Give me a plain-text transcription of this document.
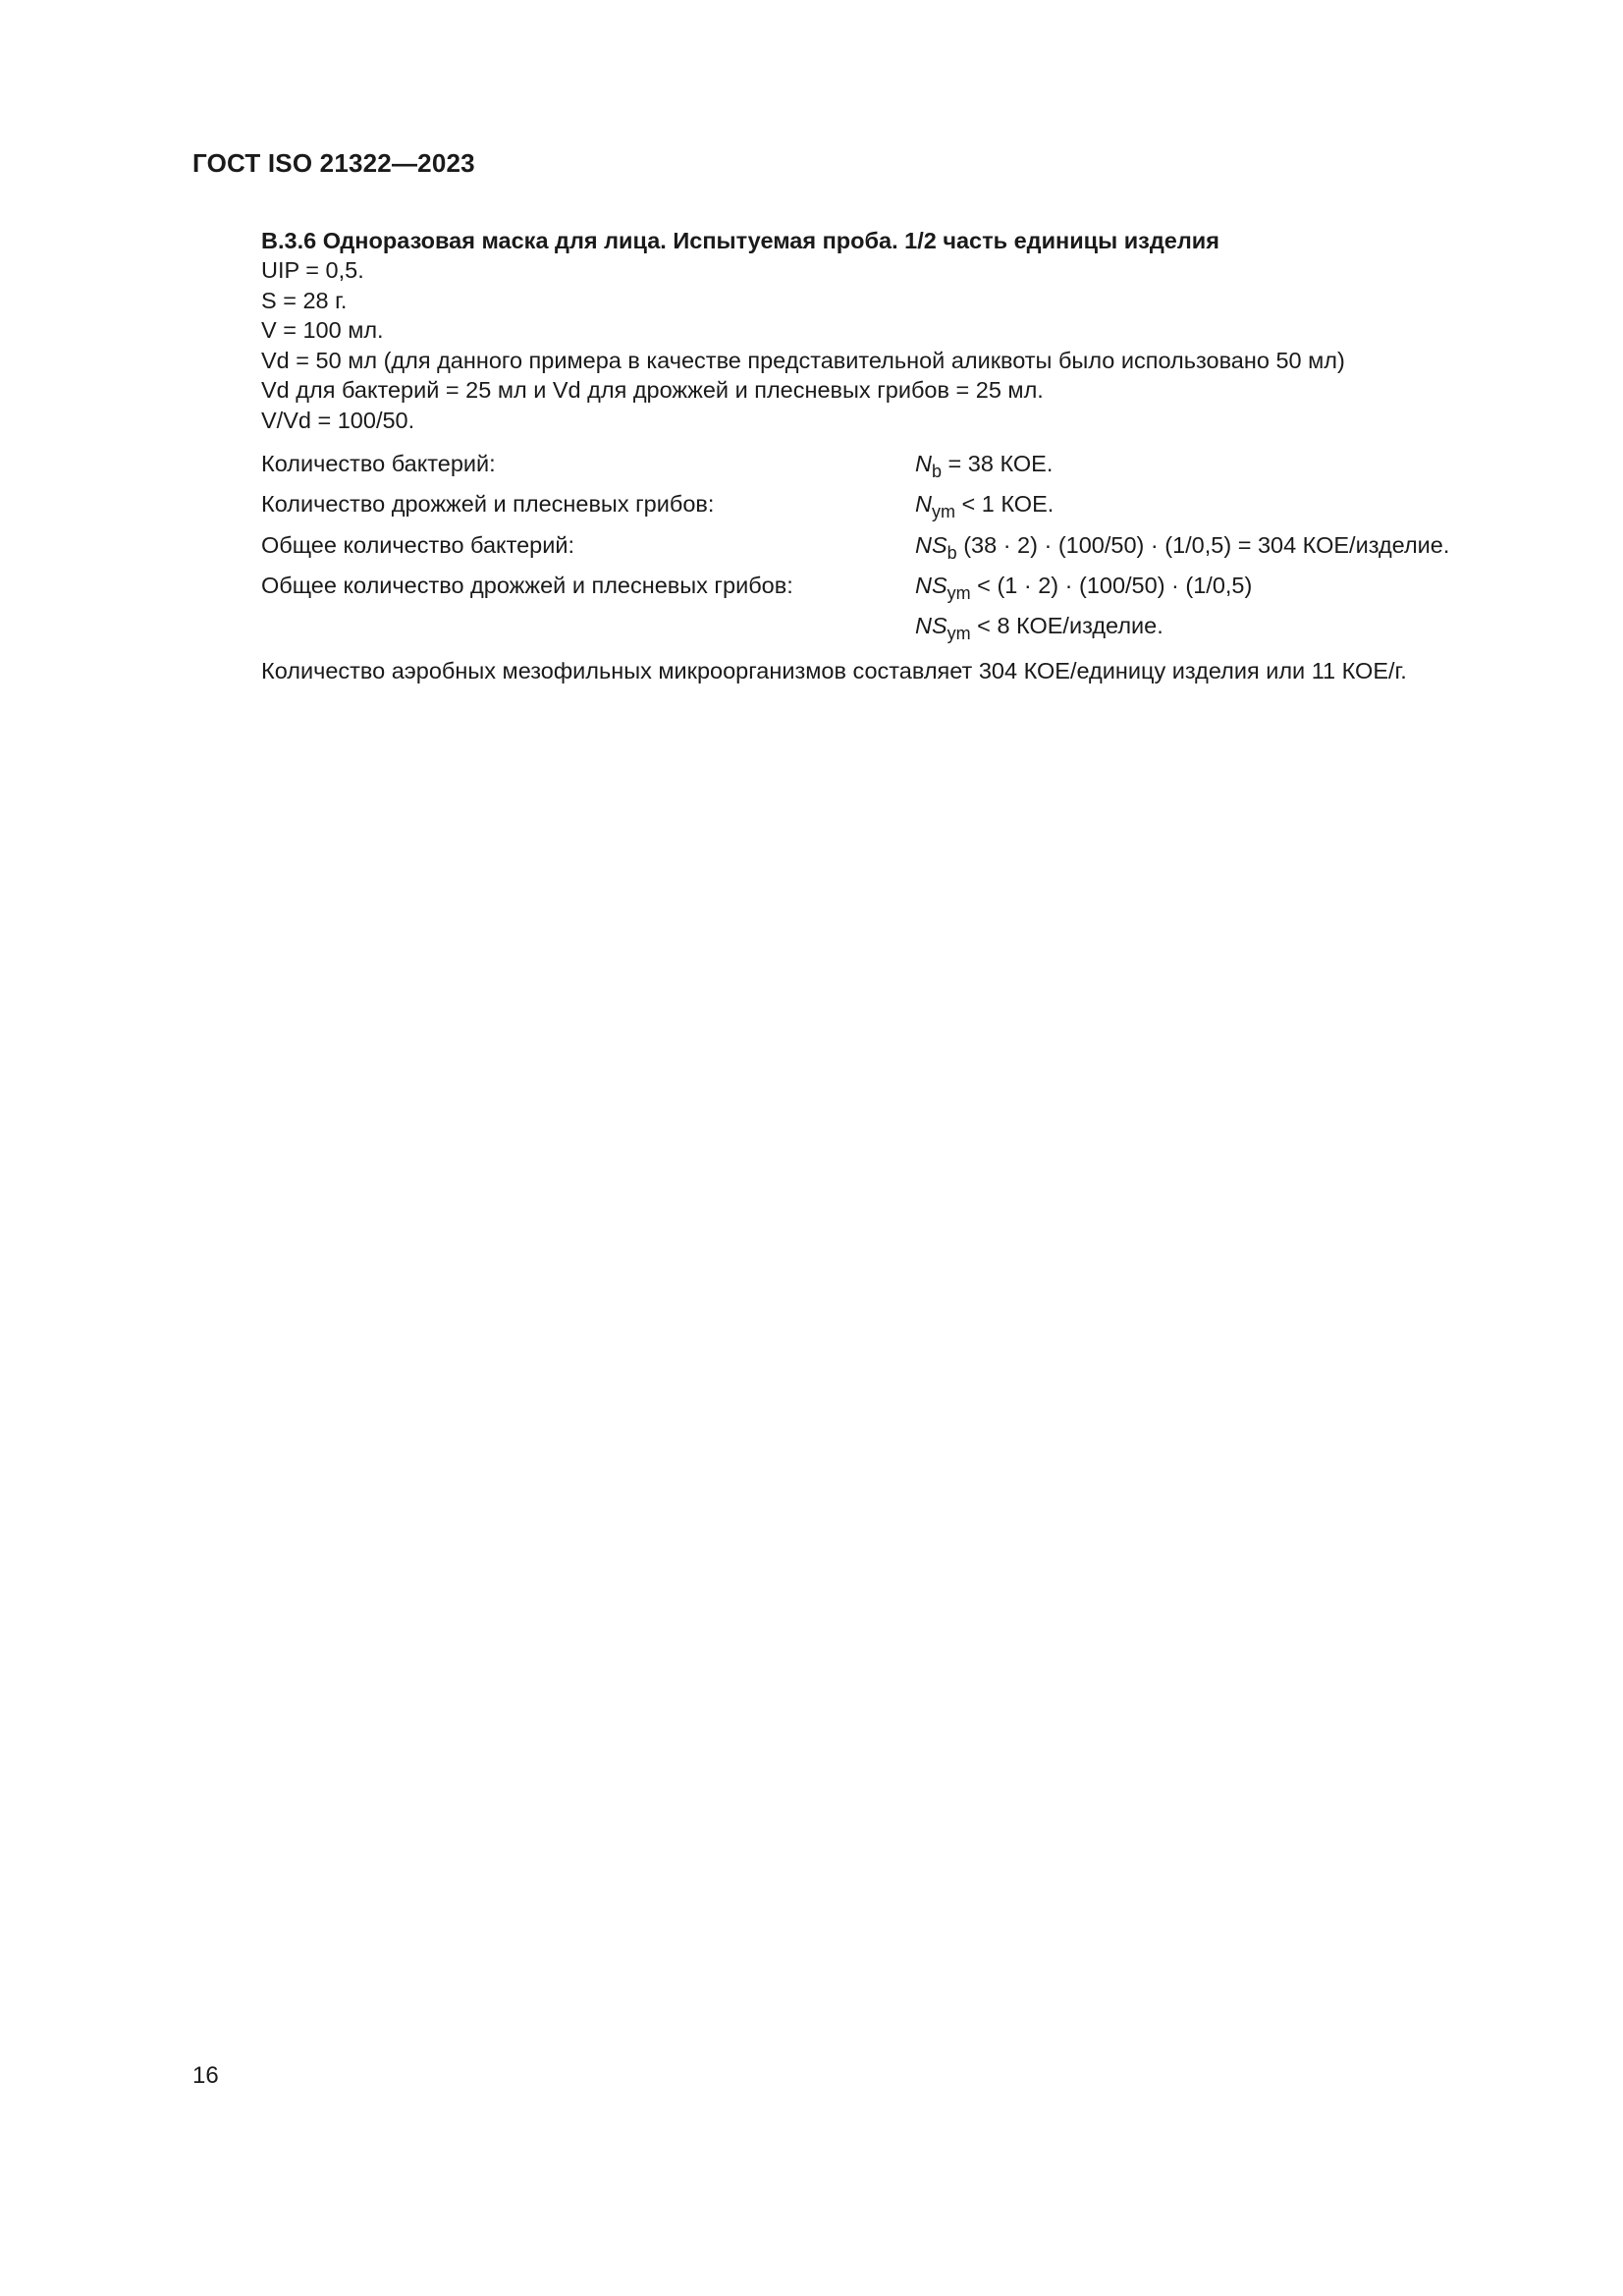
ГОСТ ISO 21322—2023
B.3.6 Одноразовая маска для лица. Испытуемая проба. 1/2 часть единицы изделия
UIP = 0,5.
S = 28 г.
V = 100 мл.
Vd = 50 мл (для данного примера в качестве представительной аликвоты было использовано 50 мл)
Vd для бактерий = 25 мл и Vd для дрожжей и плесневых грибов = 25 мл.
V/Vd = 100/50.
Количество бактерий:	$N_b = 38$ КОЕ.
Количество дрожжей и плесневых грибов:	$N_{ym} < 1$ КОЕ.
Общее количество бактерий:	$NS_b$ (38 · 2) · (100/50) · (1/0,5) = 304 КОЕ/изделие.
Общее количество дрожжей и плесневых грибов:	$NS_{ym} < (1 \cdot 2) \cdot (100/50) \cdot (1/0,5)$
$NS_{ym} < 8$ КОЕ/изделие.
Количество аэробных мезофильных микроорганизмов составляет 304 КОЕ/единицу изделия или 11 КОЕ/г.
16
